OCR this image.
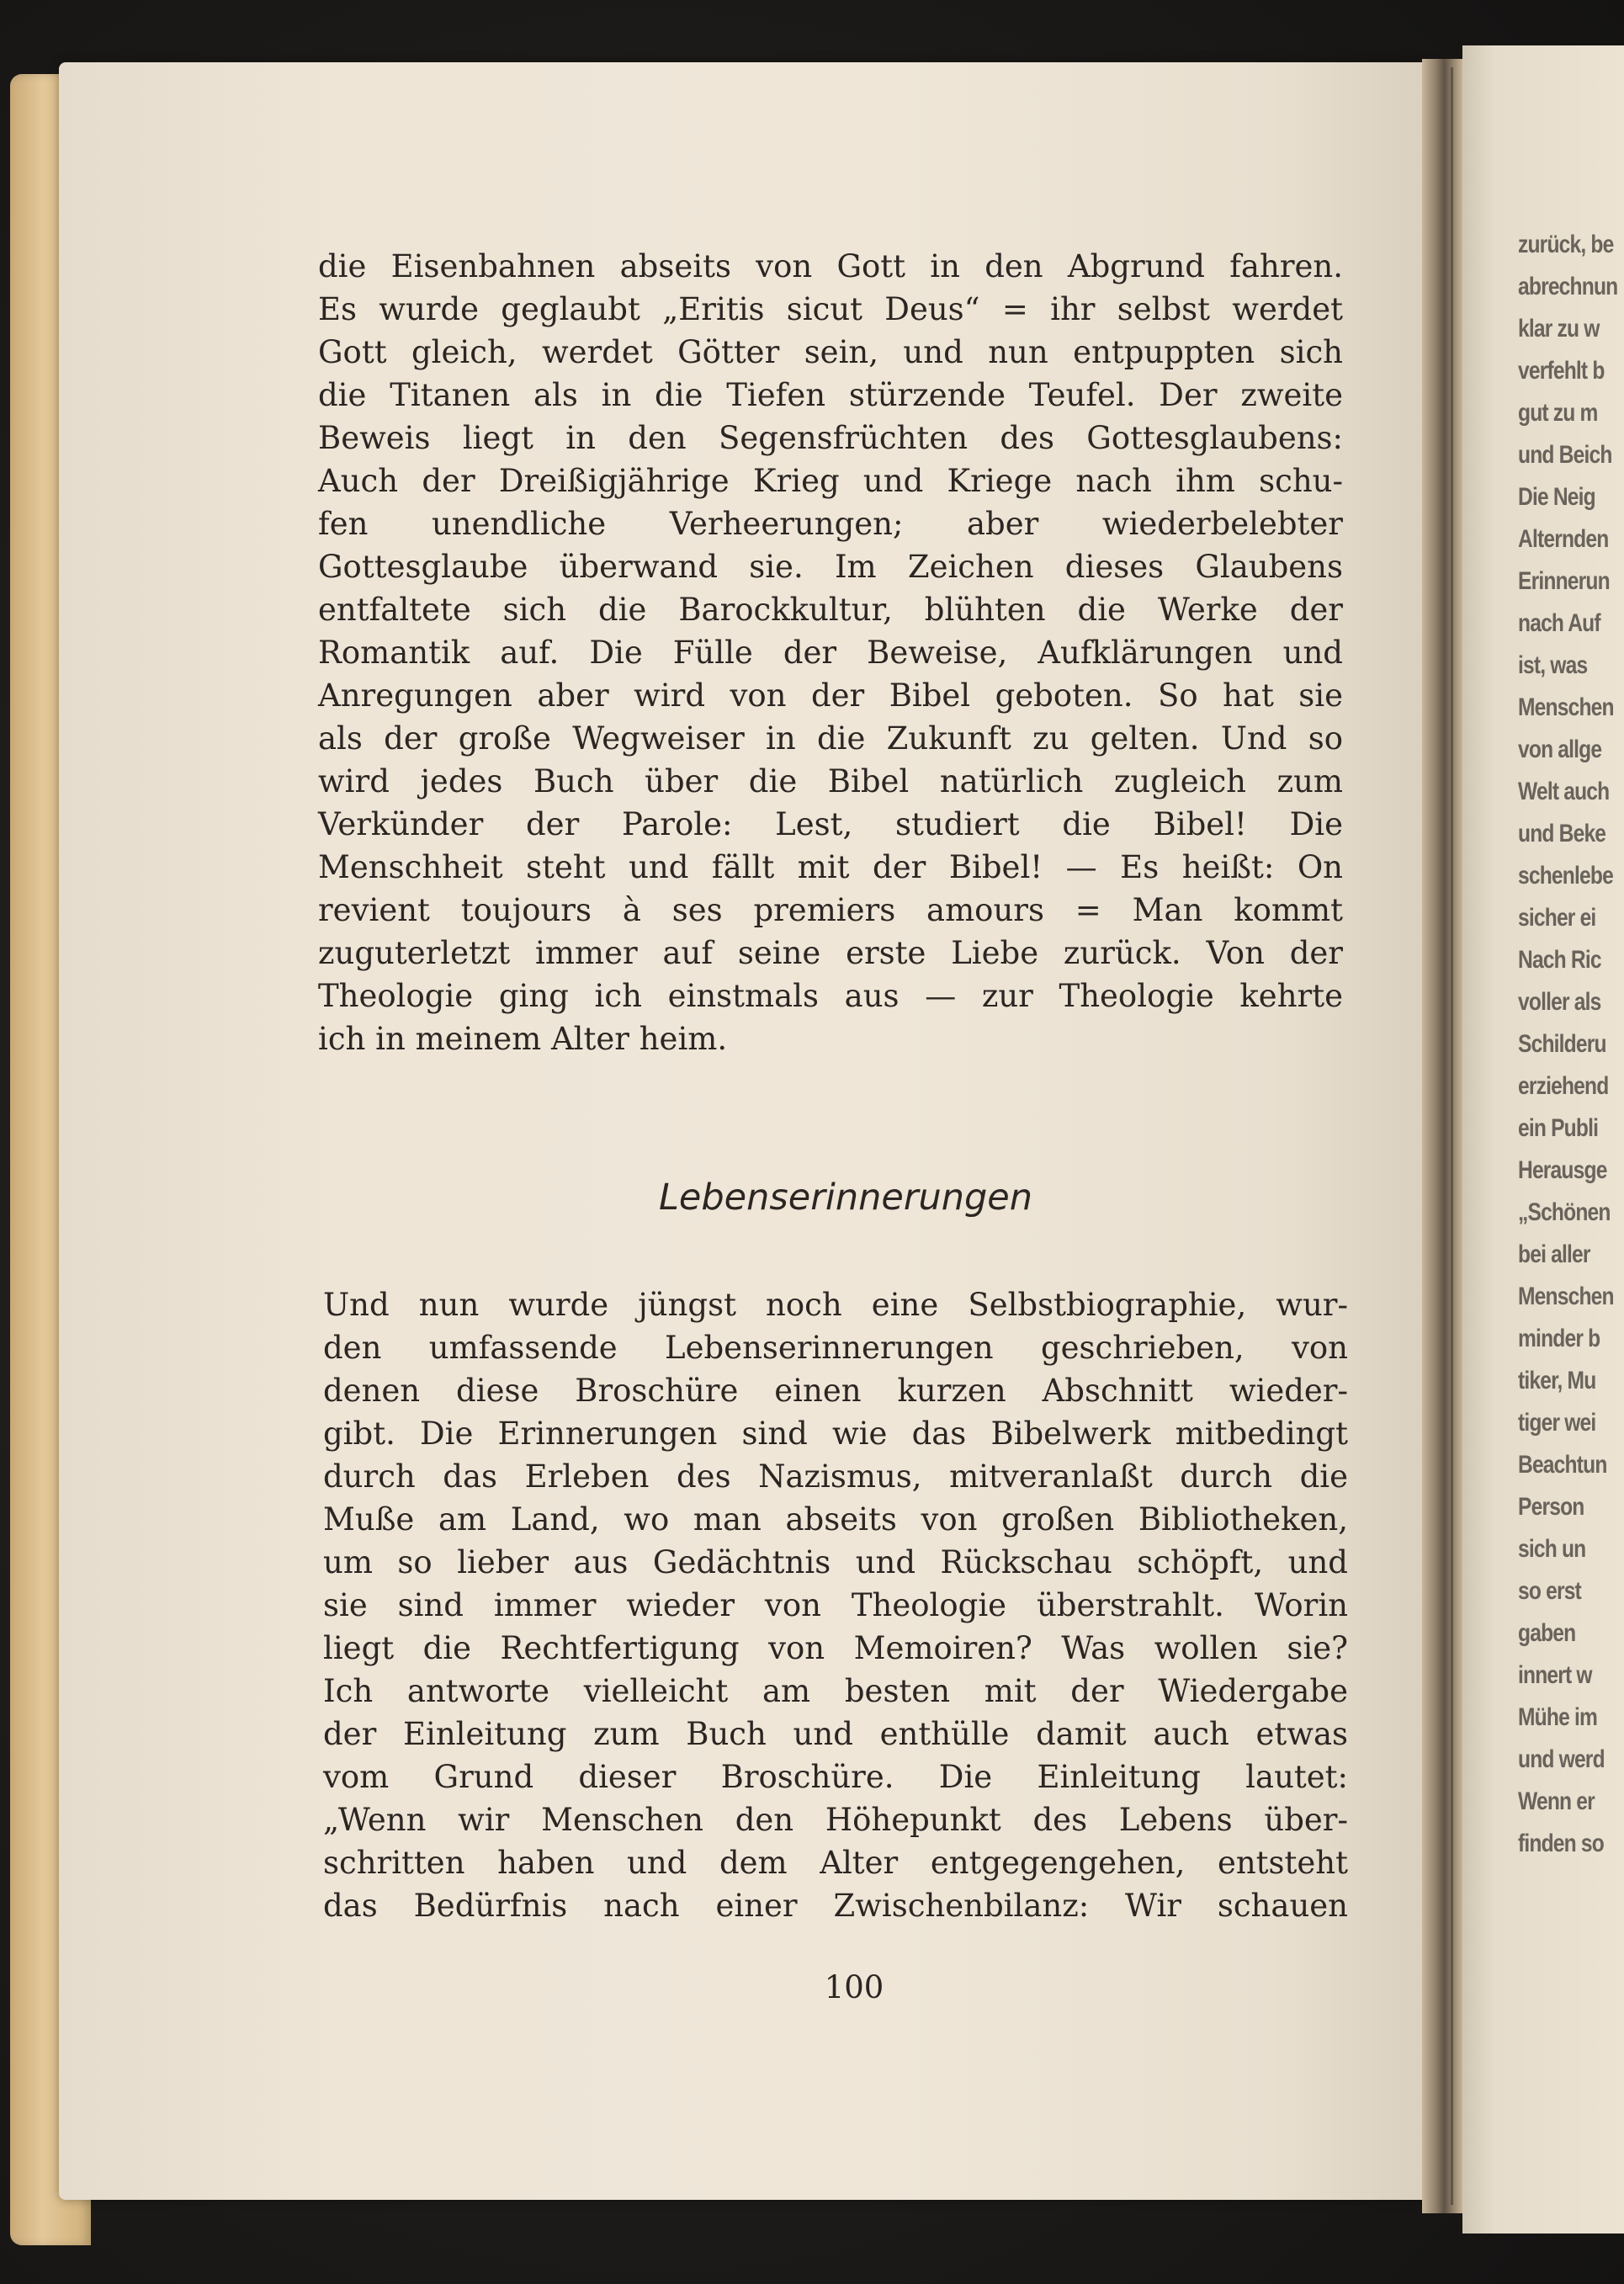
zurück, be
abrechnun
klar zu w
verfehlt b
gut zu m
und Beich
Die Neig
Alternden
Erinnerun
nach Auf
ist, was
Menschen
von allge
Welt auch
und Beke
schenlebe
sicher ei
Nach Ric
voller als
Schilderu
erziehend
ein Publi
Herausge
„Schönen
bei aller
Menschen
minder b
tiker, Mu
tiger wei
Beachtun
Person
sich un
so erst
gaben
innert w
Mühe im
und werd
Wenn er
finden so
die Eisenbahnen abseits von Gott in den Abgrund fahren.
Es wurde geglaubt „Eritis sicut Deus“ = ihr selbst werdet
Gott gleich, werdet Götter sein, und nun entpuppten sich
die Titanen als in die Tiefen stürzende Teufel. Der zweite
Beweis liegt in den Segensfrüchten des Gottesglaubens:
Auch der Dreißigjährige Krieg und Kriege nach ihm schu-
fen unendliche Verheerungen; aber wiederbelebter
Gottesglaube überwand sie. Im Zeichen dieses Glaubens
entfaltete sich die Barockkultur, blühten die Werke der
Romantik auf. Die Fülle der Beweise, Aufklärungen und
Anregungen aber wird von der Bibel geboten. So hat sie
als der große Wegweiser in die Zukunft zu gelten. Und so
wird jedes Buch über die Bibel natürlich zugleich zum
Verkünder der Parole: Lest, studiert die Bibel! Die
Menschheit steht und fällt mit der Bibel! — Es heißt: On
revient toujours à ses premiers amours = Man kommt
zuguterletzt immer auf seine erste Liebe zurück. Von der
Theologie ging ich einstmals aus — zur Theologie kehrte
ich in meinem Alter heim.
Lebenserinnerungen
Und nun wurde jüngst noch eine Selbstbiographie, wur-
den umfassende Lebenserinnerungen geschrieben, von
denen diese Broschüre einen kurzen Abschnitt wieder-
gibt. Die Erinnerungen sind wie das Bibelwerk mitbedingt
durch das Erleben des Nazismus, mitveranlaßt durch die
Muße am Land, wo man abseits von großen Bibliotheken,
um so lieber aus Gedächtnis und Rückschau schöpft, und
sie sind immer wieder von Theologie überstrahlt. Worin
liegt die Rechtfertigung von Memoiren? Was wollen sie?
Ich antworte vielleicht am besten mit der Wiedergabe
der Einleitung zum Buch und enthülle damit auch etwas
vom Grund dieser Broschüre. Die Einleitung lautet:
„Wenn wir Menschen den Höhepunkt des Lebens über-
schritten haben und dem Alter entgegengehen, entsteht
das Bedürfnis nach einer Zwischenbilanz: Wir schauen
100
